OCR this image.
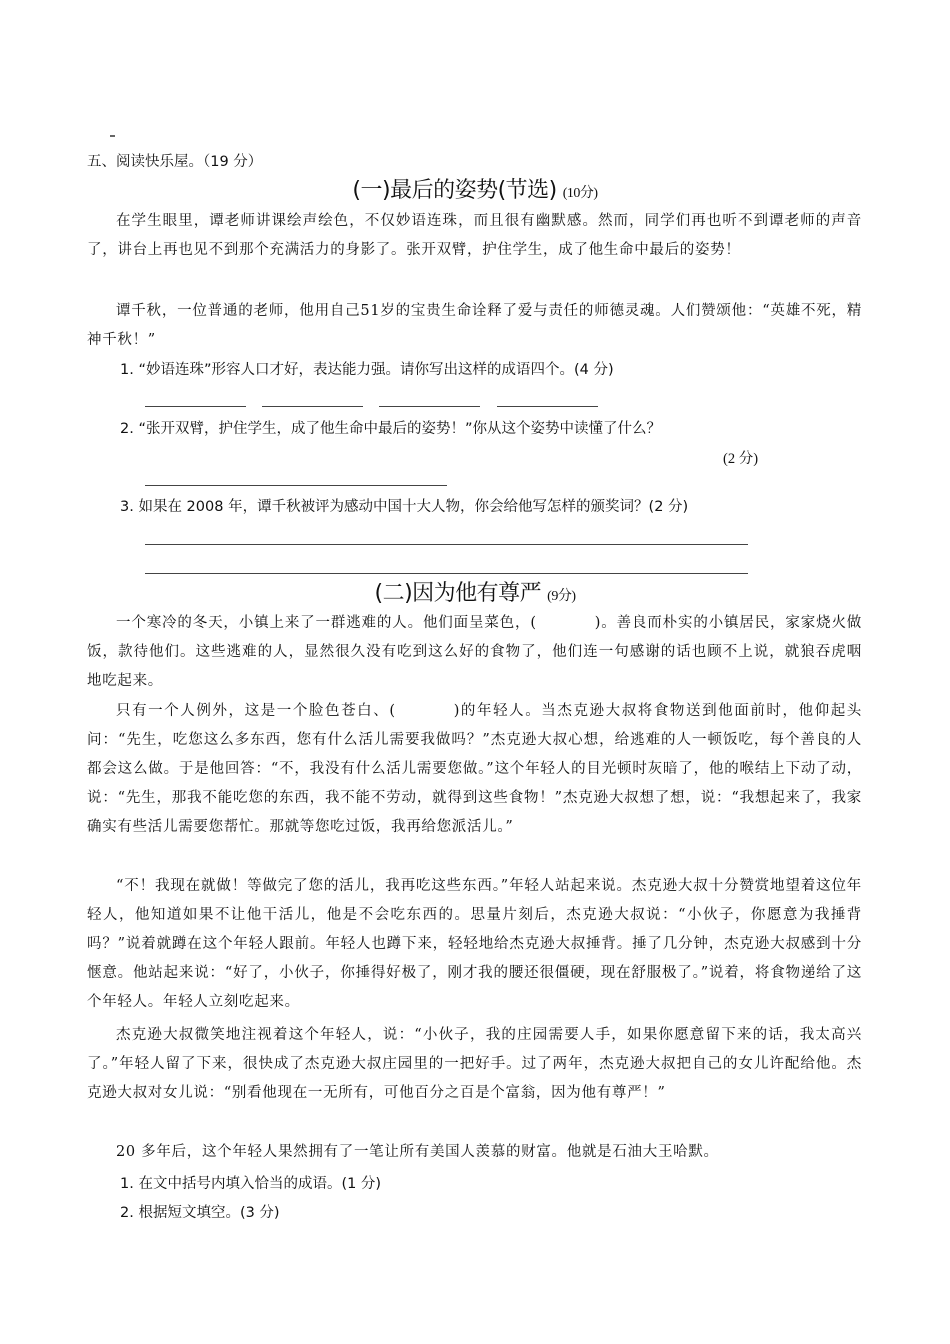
五、阅读快乐屋。（19 分）
(一)最后的姿势(节选) (10分)
在学生眼里，谭老师讲课绘声绘色，不仅妙语连珠，而且很有幽默感。然而，同学们再也听不到谭老师的声音了，讲台上再也见不到那个充满活力的身影了。张开双臂，护住学生，成了他生命中最后的姿势！
谭千秋，一位普通的老师，他用自己51岁的宝贵生命诠释了爱与责任的师德灵魂。人们赞颂他：“英雄不死，精神千秋！”
1. “妙语连珠”形容人口才好，表达能力强。请你写出这样的成语四个。(4 分)
2. “张开双臂，护住学生，成了他生命中最后的姿势！”你从这个姿势中读懂了什么？
(2 分)
3. 如果在 2008 年，谭千秋被评为感动中国十大人物，你会给他写怎样的颁奖词？(2 分)
(二)因为他有尊严 (9分)
一个寒冷的冬天，小镇上来了一群逃难的人。他们面呈菜色，(	)。善良而朴实的小镇居民，家家烧火做饭，款待他们。这些逃难的人，显然很久没有吃到这么好的食物了，他们连一句感谢的话也顾不上说，就狼吞虎咽地吃起来。
只有一个人例外，这是一个脸色苍白、(	)的年轻人。当杰克逊大叔将食物送到他面前时，他仰起头问：“先生，吃您这么多东西，您有什么活儿需要我做吗？”杰克逊大叔心想，给逃难的人一顿饭吃，每个善良的人都会这么做。于是他回答：“不，我没有什么活儿需要您做。”这个年轻人的目光顿时灰暗了，他的喉结上下动了动，说：“先生，那我不能吃您的东西，我不能不劳动，就得到这些食物！”杰克逊大叔想了想，说：“我想起来了，我家确实有些活儿需要您帮忙。那就等您吃过饭，我再给您派活儿。”
“不！我现在就做！等做完了您的活儿，我再吃这些东西。”年轻人站起来说。杰克逊大叔十分赞赏地望着这位年轻人，他知道如果不让他干活儿，他是不会吃东西的。思量片刻后，杰克逊大叔说：“小伙子，你愿意为我捶背吗？”说着就蹲在这个年轻人跟前。年轻人也蹲下来，轻轻地给杰克逊大叔捶背。捶了几分钟，杰克逊大叔感到十分惬意。他站起来说：“好了，小伙子，你捶得好极了，刚才我的腰还很僵硬，现在舒服极了。”说着，将食物递给了这个年轻人。年轻人立刻吃起来。
杰克逊大叔微笑地注视着这个年轻人，说：“小伙子，我的庄园需要人手，如果你愿意留下来的话，我太高兴了。”年轻人留了下来，很快成了杰克逊大叔庄园里的一把好手。过了两年，杰克逊大叔把自己的女儿许配给他。杰克逊大叔对女儿说：“别看他现在一无所有，可他百分之百是个富翁，因为他有尊严！”
20 多年后，这个年轻人果然拥有了一笔让所有美国人羡慕的财富。他就是石油大王哈默。
1. 在文中括号内填入恰当的成语。(1 分)
2. 根据短文填空。(3 分)
